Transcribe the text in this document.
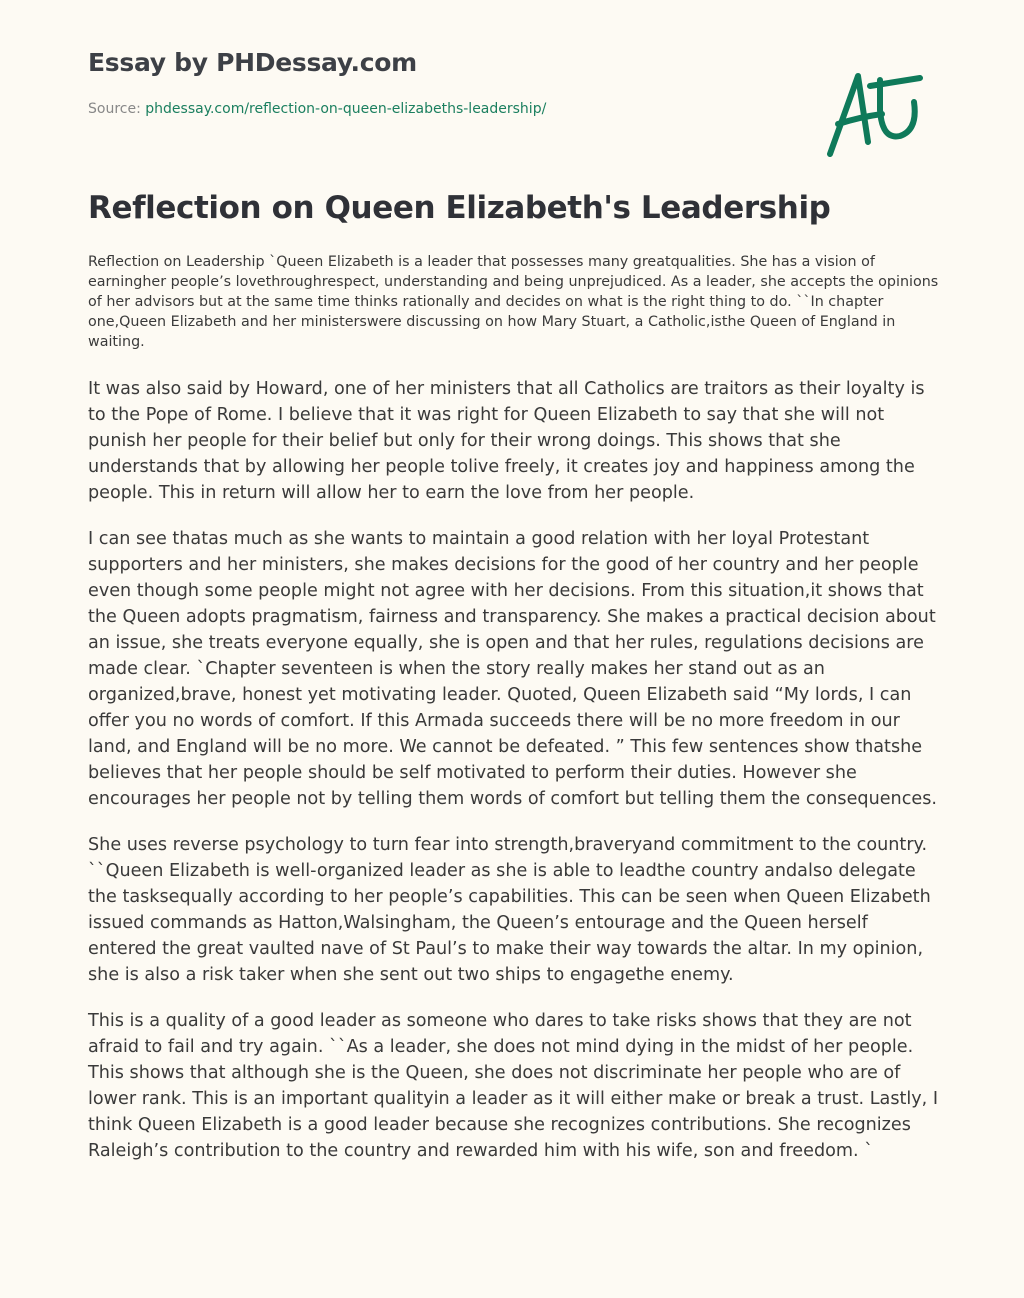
Essay by PHDessay.com
Source: phdessay.com/reflection-on-queen-elizabeths-leadership/
Reflection on Queen Elizabeth's Leadership

Reflection on Leadership `Queen Elizabeth is a leader that possesses many greatqualities. She has a vision of earningher people’s lovethroughrespect, understanding and being unprejudiced. As a leader, she accepts the opinions of her advisors but at the same time thinks rationally and decides on what is the right thing to do. ``In chapter one,Queen Elizabeth and her ministerswere discussing on how Mary Stuart, a Catholic,isthe Queen of England in waiting.

It was also said by Howard, one of her ministers that all Catholics are traitors as their loyalty is to the Pope of Rome. I believe that it was right for Queen Elizabeth to say that she will not punish her people for their belief but only for their wrong doings. This shows that she understands that by allowing her people tolive freely, it creates joy and happiness among the people. This in return will allow her to earn the love from her people.

I can see thatas much as she wants to maintain a good relation with her loyal Protestant supporters and her ministers, she makes decisions for the good of her country and her people even though some people might not agree with her decisions. From this situation,it shows that the Queen adopts pragmatism, fairness and transparency. She makes a practical decision about an issue, she treats everyone equally, she is open and that her rules, regulations decisions are made clear. `Chapter seventeen is when the story really makes her stand out as an organized,brave, honest yet motivating leader. Quoted, Queen Elizabeth said “My lords, I can offer you no words of comfort. If this Armada succeeds there will be no more freedom in our land, and England will be no more. We cannot be defeated. ” This few sentences show thatshe believes that her people should be self motivated to perform their duties. However she encourages her people not by telling them words of comfort but telling them the consequences.

She uses reverse psychology to turn fear into strength,braveryand commitment to the country. ``Queen Elizabeth is well-organized leader as she is able to leadthe country andalso delegate the tasksequally according to her people’s capabilities. This can be seen when Queen Elizabeth issued commands as Hatton,Walsingham, the Queen’s entourage and the Queen herself entered the great vaulted nave of St Paul’s to make their way towards the altar. In my opinion, she is also a risk taker when she sent out two ships to engagethe enemy.

This is a quality of a good leader as someone who dares to take risks shows that they are not afraid to fail and try again. ``As a leader, she does not mind dying in the midst of her people. This shows that although she is the Queen, she does not discriminate her people who are of lower rank. This is an important qualityin a leader as it will either make or break a trust. Lastly, I think Queen Elizabeth is a good leader because she recognizes contributions. She recognizes Raleigh’s contribution to the country and rewarded him with his wife, son and freedom. `
